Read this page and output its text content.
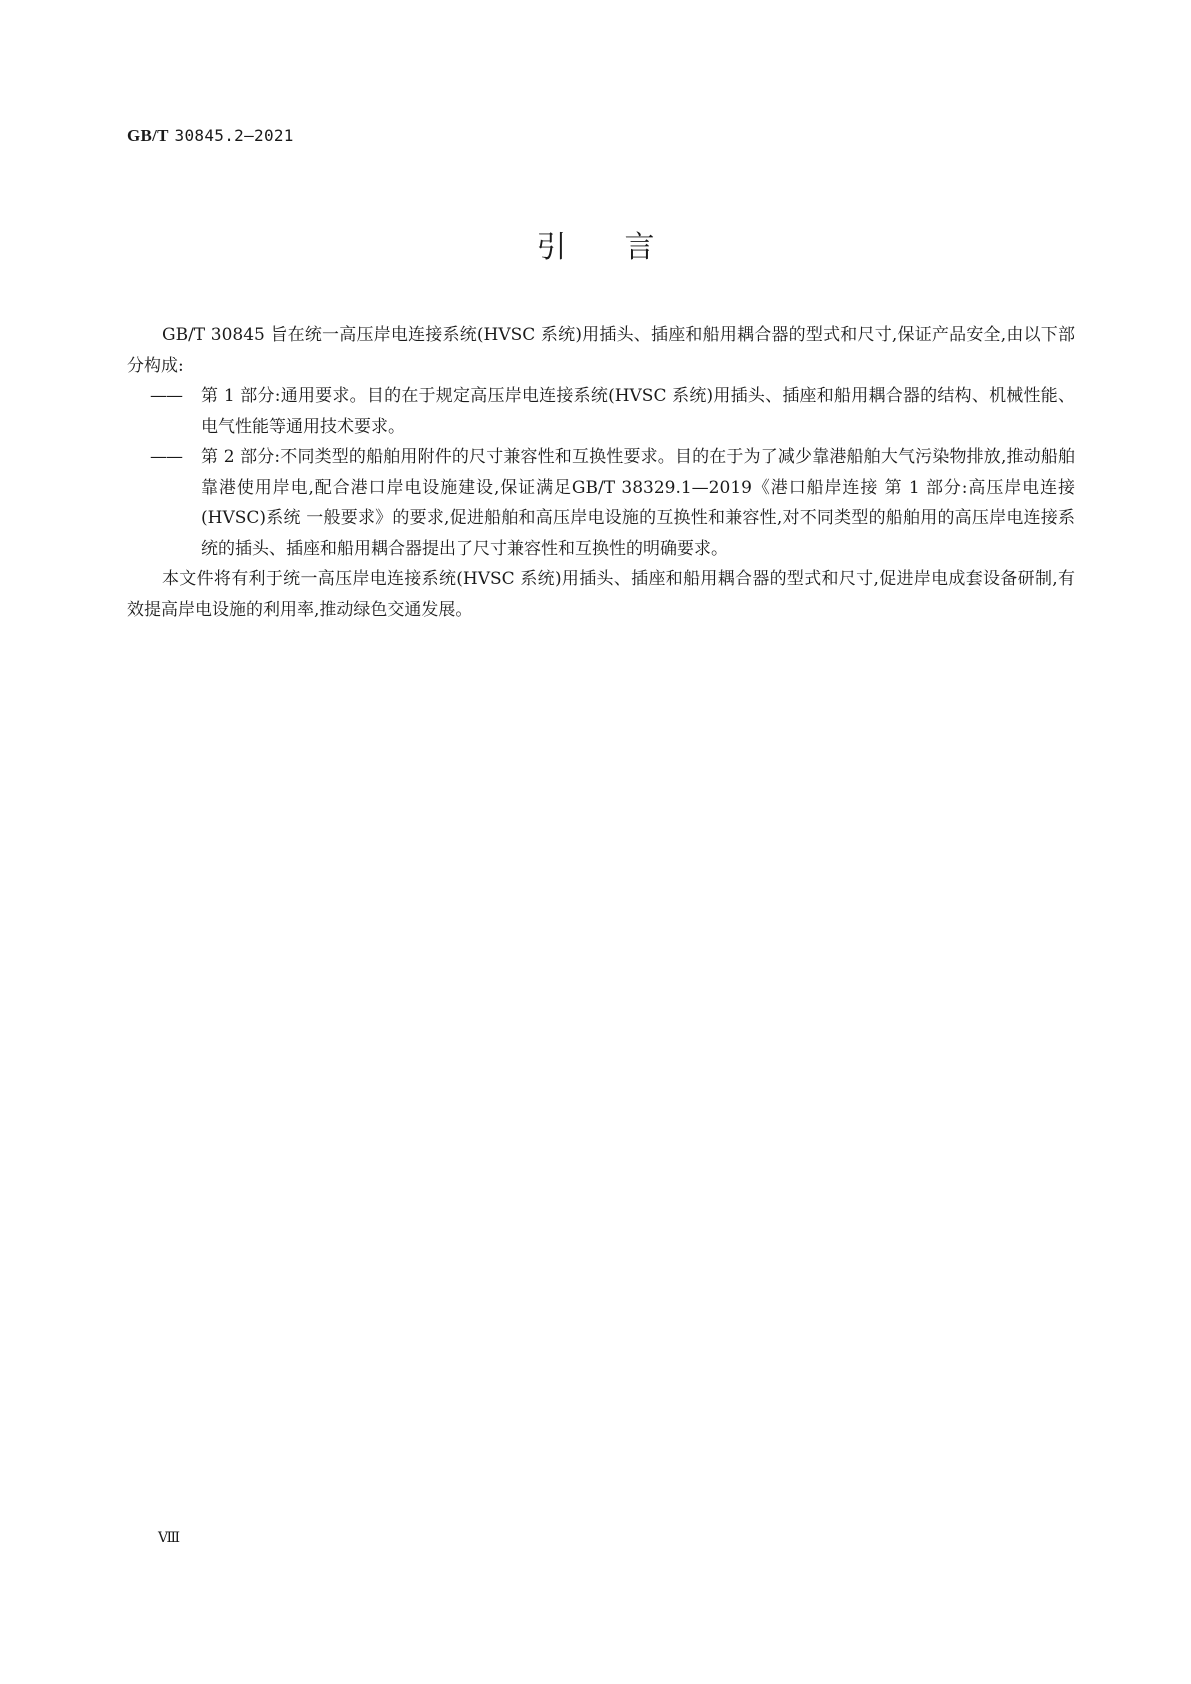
GB/T 30845.2—2021
引言

GB/T 30845 旨在统一高压岸电连接系统(HVSC 系统)用插头、插座和船用耦合器的型式和尺寸,保证产品安全,由以下部分构成:

——	第 1 部分:通用要求。目的在于规定高压岸电连接系统(HVSC 系统)用插头、插座和船用耦合器的结构、机械性能、电气性能等通用技术要求。
——	第 2 部分:不同类型的船舶用附件的尺寸兼容性和互换性要求。目的在于为了减少靠港船舶大气污染物排放,推动船舶靠港使用岸电,配合港口岸电设施建设,保证满足GB/T 38329.1—2019《港口船岸连接 第 1 部分:高压岸电连接(HVSC)系统 一般要求》的要求,促进船舶和高压岸电设施的互换性和兼容性,对不同类型的船舶用的高压岸电连接系统的插头、插座和船用耦合器提出了尺寸兼容性和互换性的明确要求。

本文件将有利于统一高压岸电连接系统(HVSC 系统)用插头、插座和船用耦合器的型式和尺寸,促进岸电成套设备研制,有效提高岸电设施的利用率,推动绿色交通发展。

Ⅷ
